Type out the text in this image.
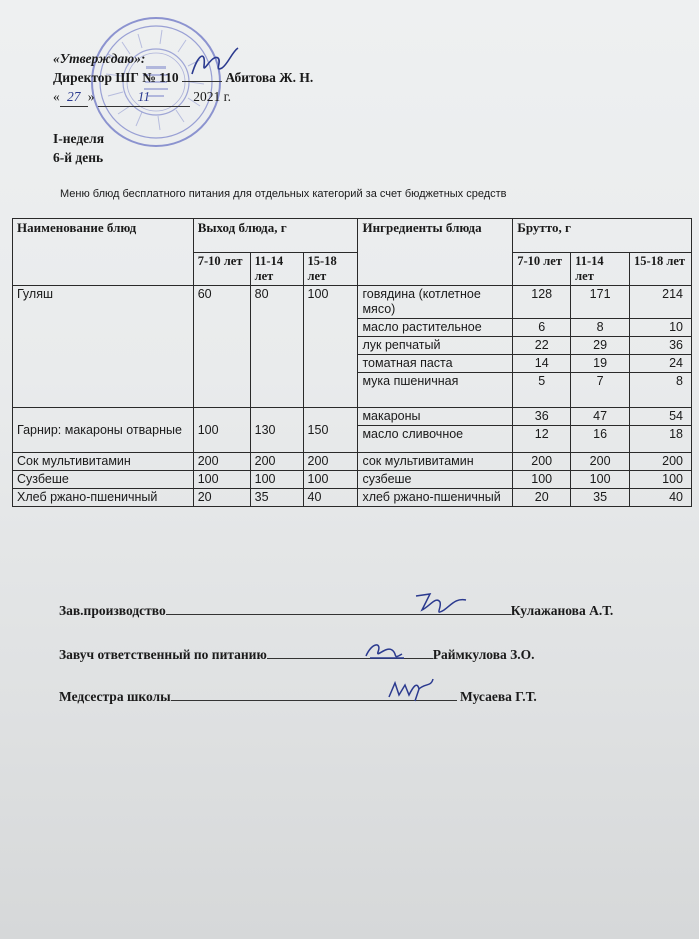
«Утверждаю»:
Директор ШГ № 110	Абитова Ж. Н.
« 27 »	11	2021 г.
I-неделя
6-й день
Меню блюд бесплатного питания для отдельных категорий за счет бюджетных средств
Наименование блюд	Выход блюда, г			Ингредиенты блюда	Брутто, г		
	7-10 лет	11-14 лет	15-18 лет		7-10 лет	11-14 лет	15-18 лет
Гуляш	60	80	100	говядина (котлетное мясо)	128	171	214
				масло растительное	6	8	10
				лук репчатый	22	29	36
				томатная паста	14	19	24
				мука пшеничная	5	7	8
Гарнир: макароны отварные	100	130	150	макароны	36	47	54
				масло сливочное	12	16	18
Сок мультивитамин	200	200	200	сок мультивитамин	200	200	200
Сузбеше	100	100	100	сузбеше	100	100	100
Хлеб ржано-пшеничный	20	35	40	хлеб ржано-пшеничный	20	35	40
Зав.производство	Кулажанова А.Т.
Завуч ответственный по питанию	Раймкулова З.О.
Медсестра школы	Мусаева Г.Т.
